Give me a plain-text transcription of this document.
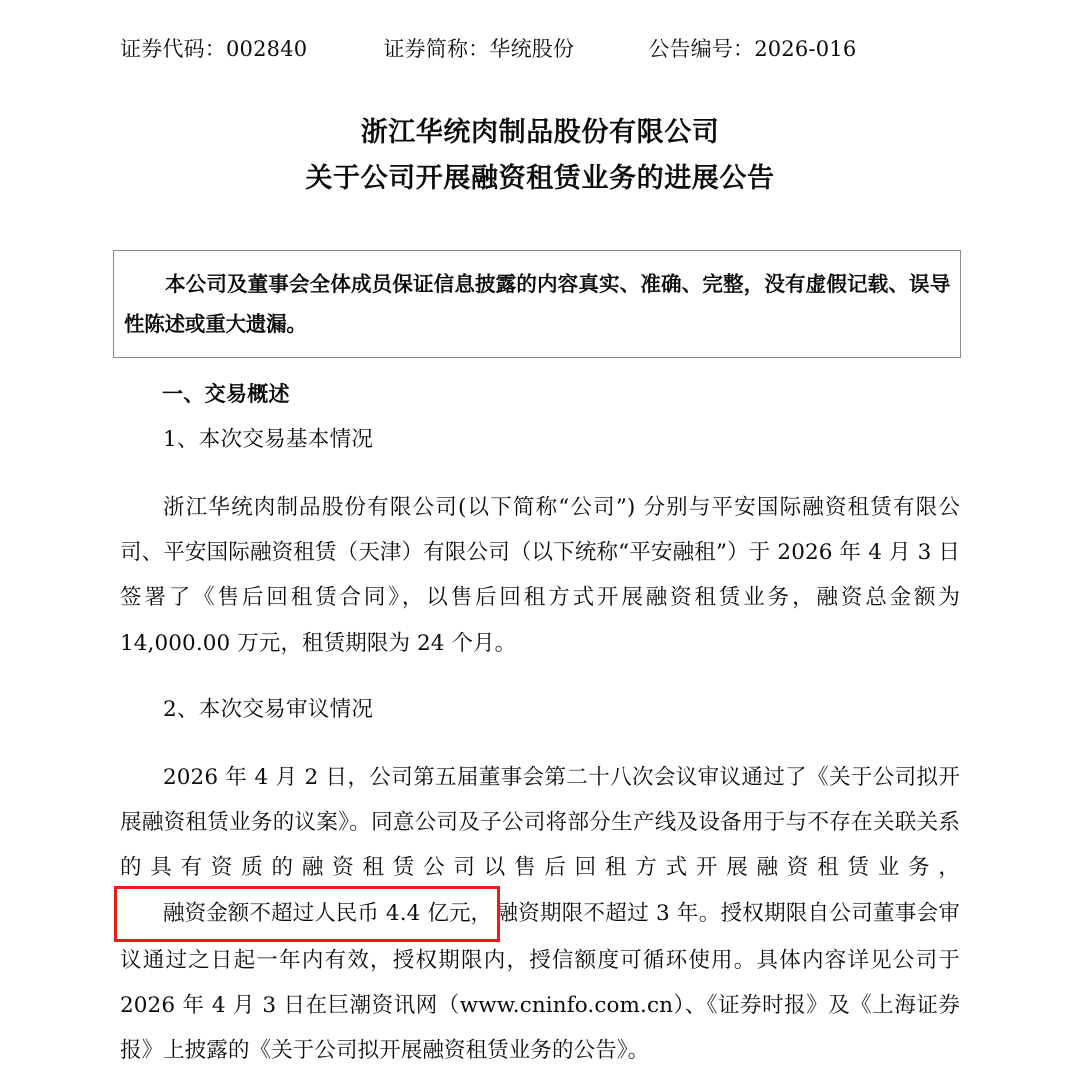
证券代码： 002840	证券简称： 华统股份	公告编号： 2026-016
浙江华统肉制品股份有限公司
关于公司开展融资租赁业务的进展公告
本公司及董事会全体成员保证信息披露的内容真实、准确、完整，没有虚假记载、误导性陈述或重大遗漏。
一、交易概述
1、本次交易基本情况

浙江华统肉制品股份有限公司(以下简称“公司”) 分别与平安国际融资租赁有限公司、平安国际融资租赁（天津）有限公司（以下统称“平安融租”）于 2026 年 4 月 3 日签署了《售后回租赁合同》，以售后回租方式开展融资租赁业务，融资总金额为 14,000.00 万元，租赁期限为 24 个月。

2、本次交易审议情况

2026 年 4 月 2 日，公司第五届董事会第二十八次会议审议通过了《关于公司拟开展融资租赁业务的议案》。同意公司及子公司将部分生产线及设备用于与不存在关联关系的具有资质的融资租赁公司以售后回租方式开展融资租赁业务，融资金额不超过人民币 4.4 亿元， 融资期限不超过 3 年。授权期限自公司董事会审议通过之日起一年内有效，授权期限内，授信额度可循环使用。具体内容详见公司于 2026 年 4 月 3 日在巨潮资讯网（www.cninfo.com.cn）、《证券时报》及《上海证券报》上披露的《关于公司拟开展融资租赁业务的公告》。
